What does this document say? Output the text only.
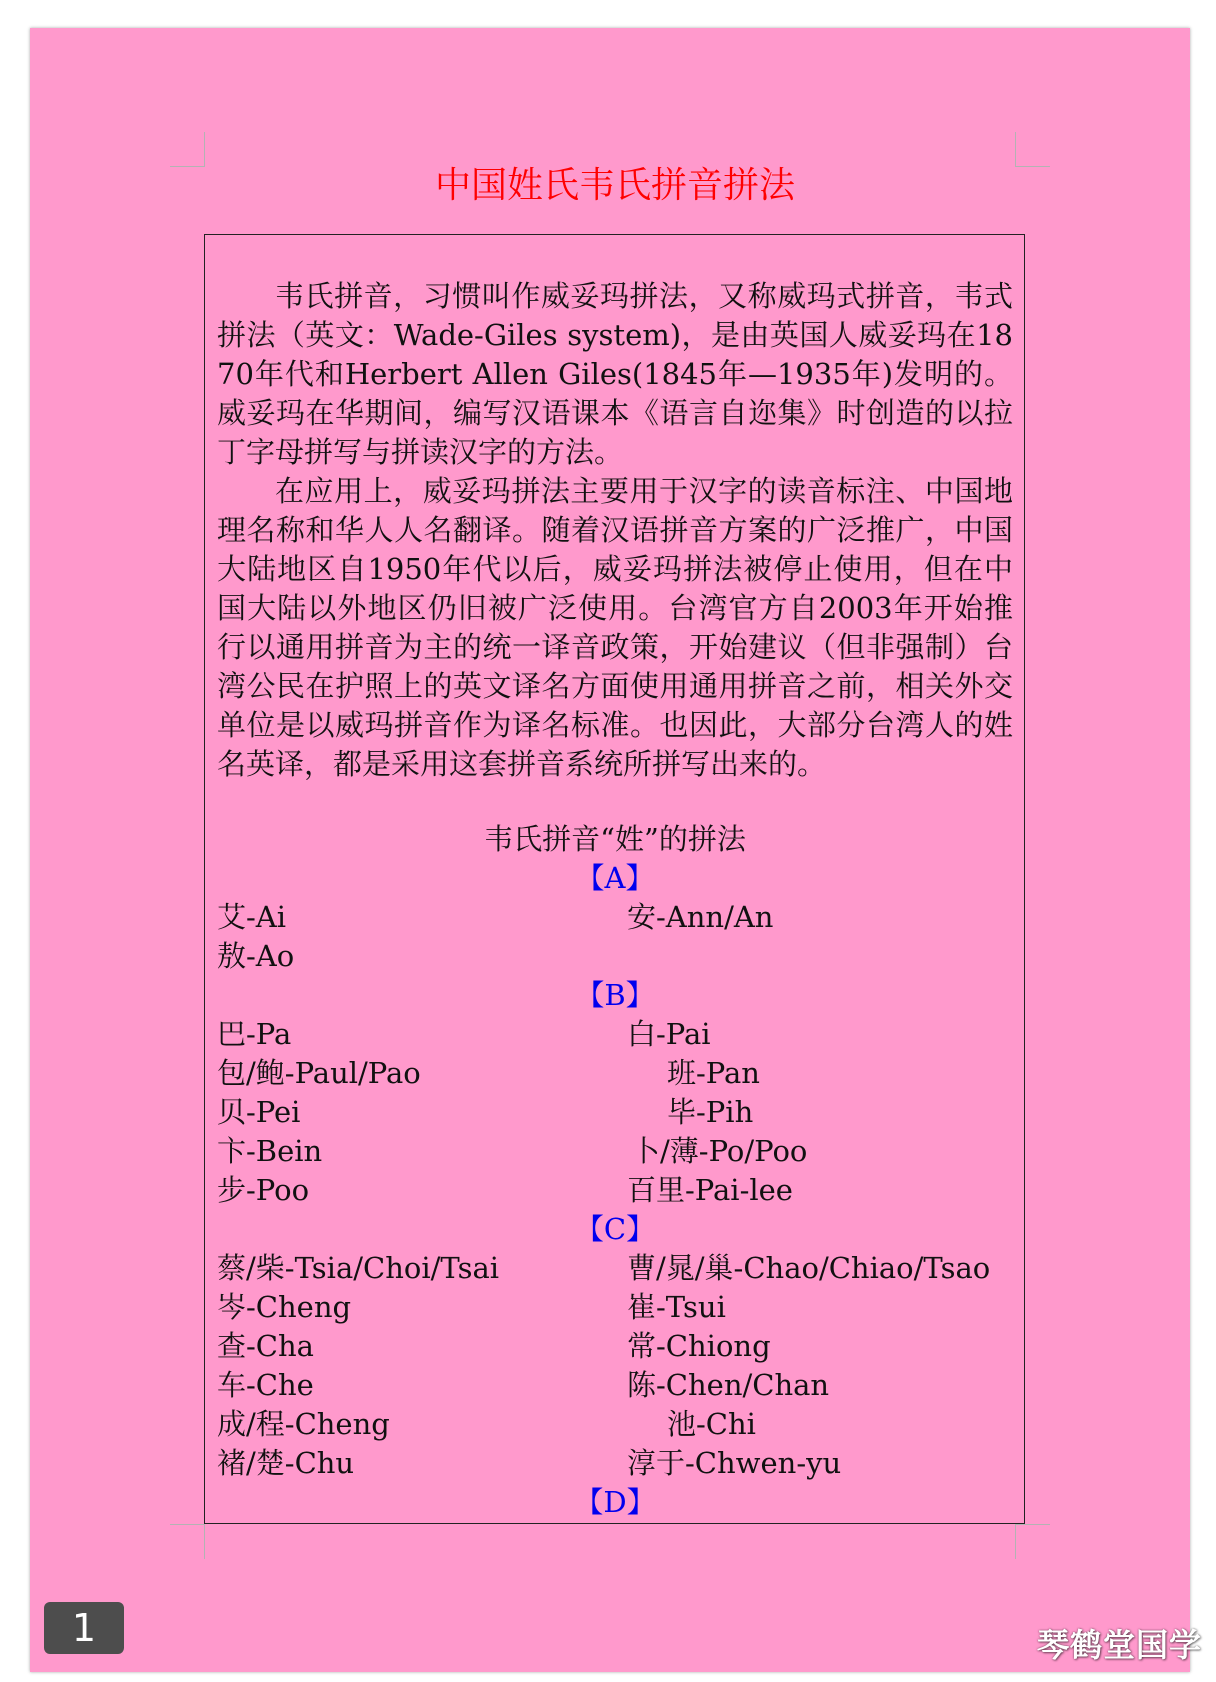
中国姓氏韦氏拼音拼法

韦氏拼音，习惯叫作威妥玛拼法，又称威玛式拼音，韦式拼法（英文：Wade-Giles system)，是由英国人威妥玛在1870年代和Herbert Allen Giles(1845年—1935年)发明的。威妥玛在华期间，编写汉语课本《语言自迩集》时创造的以拉丁字母拼写与拼读汉字的方法。

在应用上，威妥玛拼法主要用于汉字的读音标注、中国地理名称和华人人名翻译。随着汉语拼音方案的广泛推广，中国大陆地区自1950年代以后，威妥玛拼法被停止使用，但在中国大陆以外地区仍旧被广泛使用。台湾官方自2003年开始推行以通用拼音为主的统一译音政策，开始建议（但非强制）台湾公民在护照上的英文译名方面使用通用拼音之前，相关外交单位是以威玛拼音作为译名标准。也因此，大部分台湾人的姓名英译，都是采用这套拼音系统所拼写出来的。

韦氏拼音“姓”的拼法

【A】

艾-Ai	安-Ann/An
敖-Ao

【B】

巴-Pa	白-Pai
包/鲍-Paul/Pao	班-Pan
贝-Pei	毕-Pih
卞-Bein	卜/薄-Po/Poo
步-Poo	百里-Pai-lee

【C】

蔡/柴-Tsia/Choi/Tsai	曹/晁/巢-Chao/Chiao/Tsao
岑-Cheng	崔-Tsui
查-Cha	常-Chiong
车-Che	陈-Chen/Chan
成/程-Cheng	池-Chi
褚/楚-Chu	淳于-Chwen-yu

【D】

1	琴鹤堂国学
